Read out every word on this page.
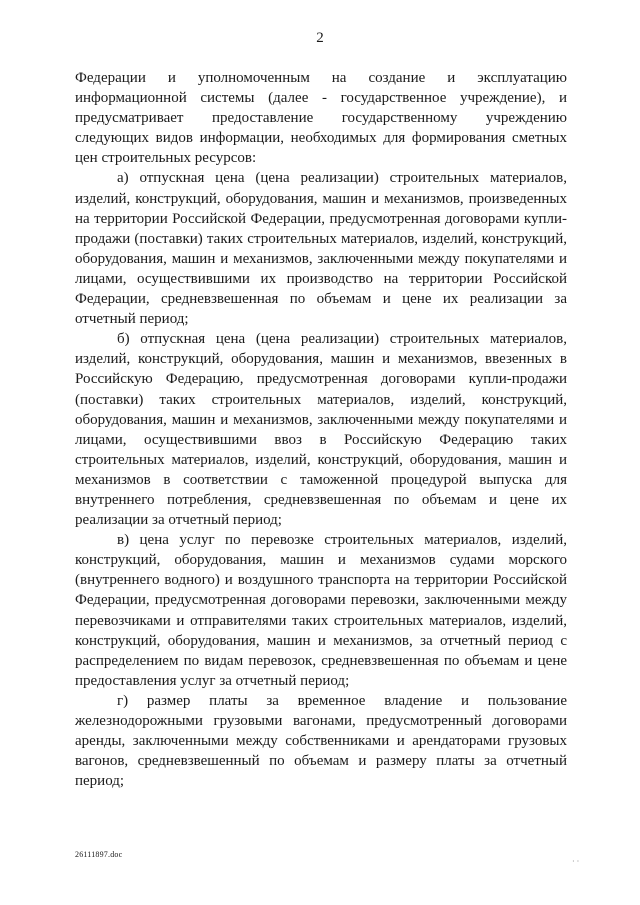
2

Федерации и уполномоченным на создание и эксплуатацию информационной системы (далее - государственное учреждение), и предусматривает предоставление государственному учреждению следующих видов информации, необходимых для формирования сметных цен строительных ресурсов:

а) отпускная цена (цена реализации) строительных материалов, изделий, конструкций, оборудования, машин и механизмов, произведенных на территории Российской Федерации, предусмотренная договорами купли-продажи (поставки) таких строительных материалов, изделий, конструкций, оборудования, машин и механизмов, заключенными между покупателями и лицами, осуществившими их производство на территории Российской Федерации, средневзвешенная по объемам и цене их реализации за отчетный период;

б) отпускная цена (цена реализации) строительных материалов, изделий, конструкций, оборудования, машин и механизмов, ввезенных в Российскую Федерацию, предусмотренная договорами купли-продажи (поставки) таких строительных материалов, изделий, конструкций, оборудования, машин и механизмов, заключенными между покупателями и лицами, осуществившими ввоз в Российскую Федерацию таких строительных материалов, изделий, конструкций, оборудования, машин и механизмов в соответствии с таможенной процедурой выпуска для внутреннего потребления, средневзвешенная по объемам и цене их реализации за отчетный период;

в) цена услуг по перевозке строительных материалов, изделий, конструкций, оборудования, машин и механизмов судами морского (внутреннего водного) и воздушного транспорта на территории Российской Федерации, предусмотренная договорами перевозки, заключенными между перевозчиками и отправителями таких строительных материалов, изделий, конструкций, оборудования, машин и механизмов, за отчетный период с распределением по видам перевозок, средневзвешенная по объемам и цене предоставления услуг за отчетный период;

г) размер платы за временное владение и пользование железнодорожными грузовыми вагонами, предусмотренный договорами аренды, заключенными между собственниками и арендаторами грузовых вагонов, средневзвешенный по объемам и размеру платы за отчетный период;

26111897.doc
· ·
